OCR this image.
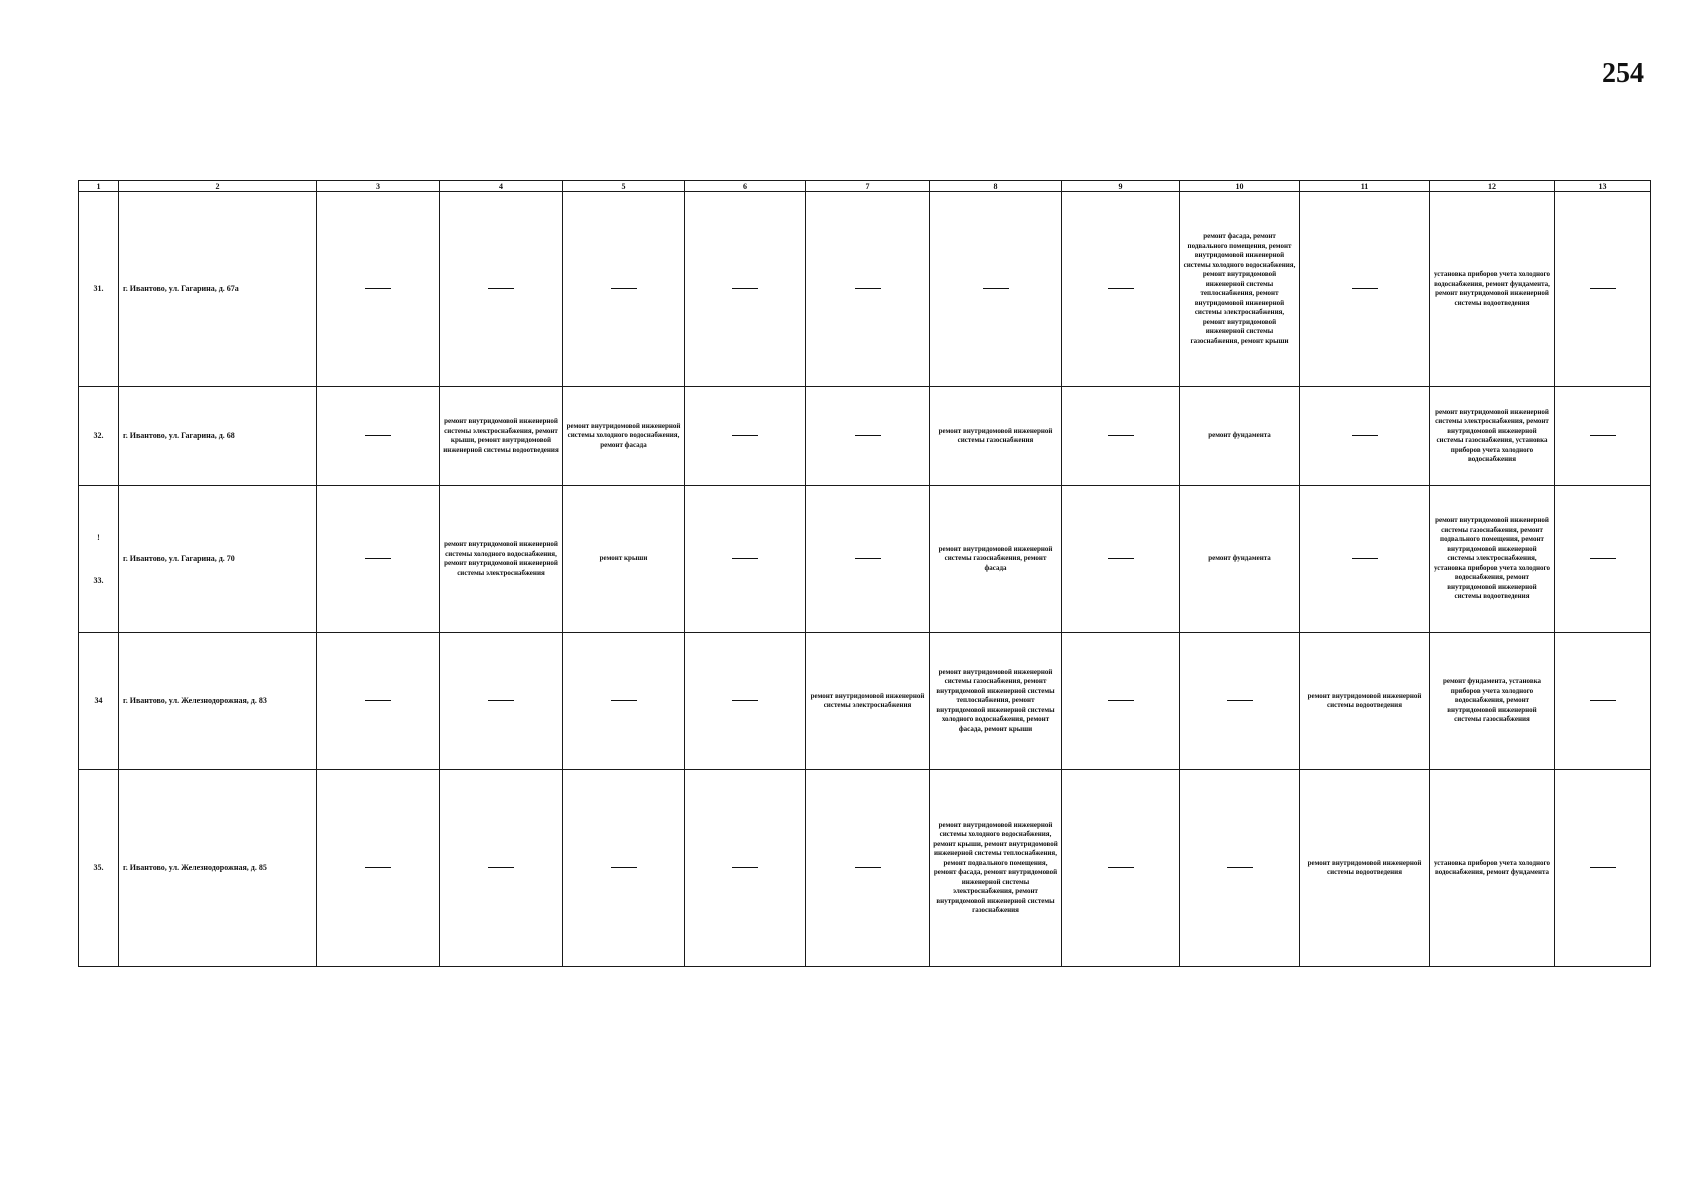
254
1	2	3	4	5	6	7	8	9	10	11	12	13
31.	г. Ивантово, ул. Гагарина, д. 67а								ремонт фасада, ремонт подвального помещения, ремонт внутридомовой инженерной системы холодного водоснабжения, ремонт внутридомовой инженерной системы теплоснабжения, ремонт внутридомовой инженерной системы электроснабжения, ремонт внутридомовой инженерной системы газоснабжения, ремонт крыши		установка приборов учета холодного водоснабжения, ремонт фундамента, ремонт внутридомовой инженерной системы водоотведения	
32.	г. Ивантово, ул. Гагарина, д. 68		ремонт внутридомовой инженерной системы электроснабжения, ремонт крыши, ремонт внутридомовой инженерной системы водоотведения	ремонт внутридомовой инженерной системы холодного водоснабжения, ремонт фасада			ремонт внутридомовой инженерной системы газоснабжения		ремонт фундамента		ремонт внутридомовой инженерной системы электроснабжения, ремонт внутридомовой инженерной системы газоснабжения, установка приборов учета холодного водоснабжения	

!
33.	г. Ивантово, ул. Гагарина, д. 70		ремонт внутридомовой инженерной системы холодного водоснабжения, ремонт внутридомовой инженерной системы электроснабжения	ремонт крыши			ремонт внутридомовой инженерной системы газоснабжения, ремонт фасада		ремонт фундамента		ремонт внутридомовой инженерной системы газоснабжения, ремонт подвального помещения, ремонт внутридомовой инженерной системы электроснабжения, установка приборов учета холодного водоснабжения, ремонт внутридомовой инженерной системы водоотведения	
34	г. Ивантово, ул. Железнодорожная, д. 83					ремонт внутридомовой инженерной системы электроснабжения	ремонт внутридомовой инженерной системы газоснабжения, ремонт внутридомовой инженерной системы теплоснабжения, ремонт внутридомовой инженерной системы холодного водоснабжения, ремонт фасада, ремонт крыши			ремонт внутридомовой инженерной системы водоотведения	ремонт фундамента, установка приборов учета холодного водоснабжения, ремонт внутридомовой инженерной системы газоснабжения	
35.	г. Ивантово, ул. Железнодорожная, д. 85						ремонт внутридомовой инженерной системы холодного водоснабжения, ремонт крыши, ремонт внутридомовой инженерной системы теплоснабжения, ремонт подвального помещения, ремонт фасада, ремонт внутридомовой инженерной системы электроснабжения, ремонт внутридомовой инженерной системы газоснабжения			ремонт внутридомовой инженерной системы водоотведения	установка приборов учета холодного водоснабжения, ремонт фундамента	
